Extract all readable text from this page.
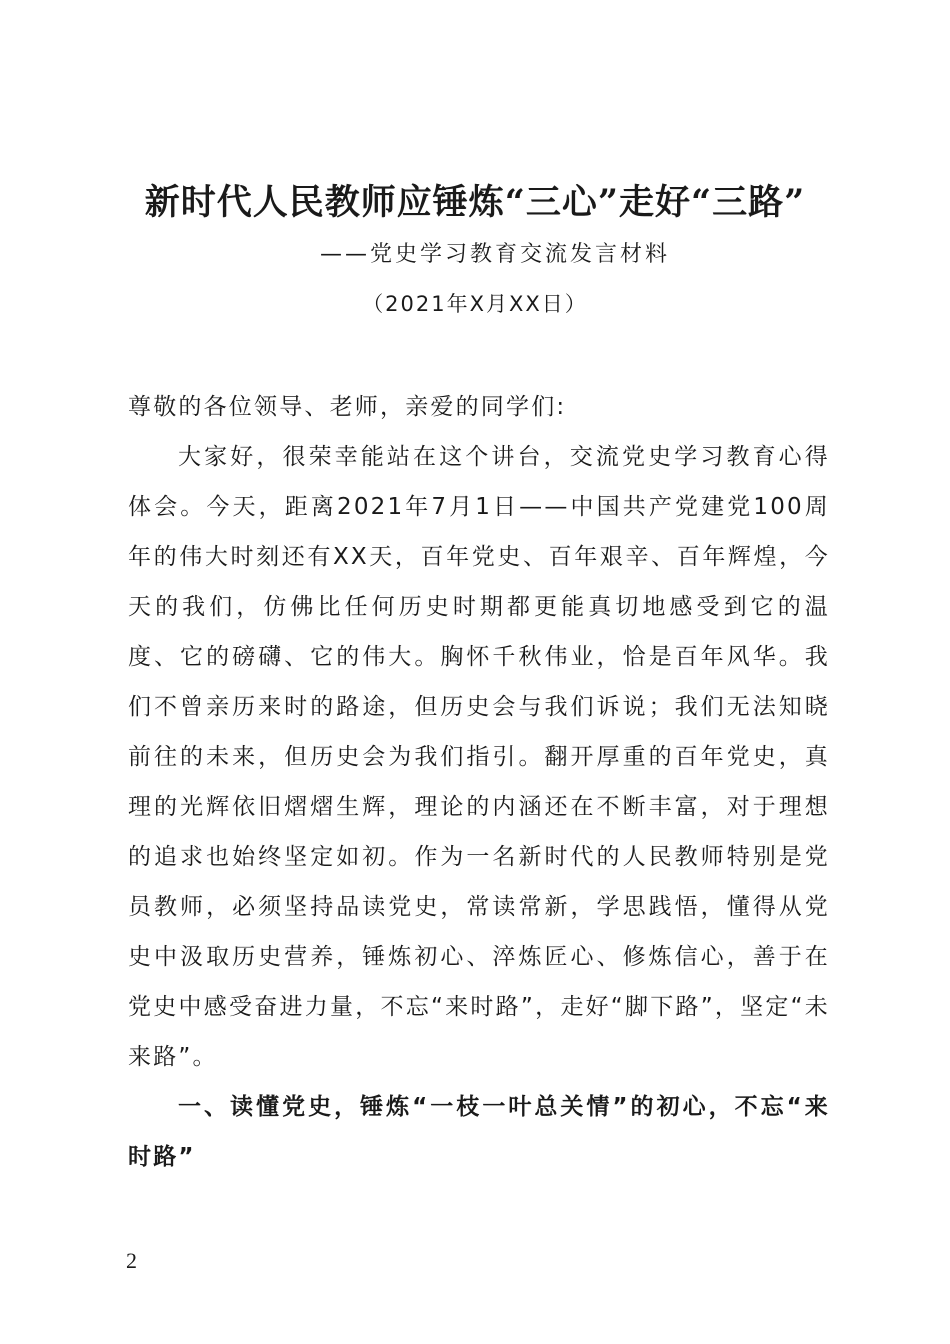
新时代人民教师应锤炼“三心”走好“三路”
——党史学习教育交流发言材料
（2021年X月XX日）

尊敬的各位领导、老师，亲爱的同学们:

大家好，很荣幸能站在这个讲台，交流党史学习教育心得体会。今天，距离2021年7月1日——中国共产党建党100周年的伟大时刻还有XX天，百年党史、百年艰辛、百年辉煌，今天的我们，仿佛比任何历史时期都更能真切地感受到它的温度、它的磅礴、它的伟大。胸怀千秋伟业，恰是百年风华。我们不曾亲历来时的路途，但历史会与我们诉说；我们无法知晓前往的未来，但历史会为我们指引。翻开厚重的百年党史，真理的光辉依旧熠熠生辉，理论的内涵还在不断丰富，对于理想的追求也始终坚定如初。作为一名新时代的人民教师特别是党员教师，必须坚持品读党史，常读常新，学思践悟，懂得从党史中汲取历史营养，锤炼初心、淬炼匠心、修炼信心，善于在党史中感受奋进力量，不忘“来时路”，走好“脚下路”，坚定“未来路”。

一、读懂党史，锤炼“一枝一叶总关情”的初心，不忘“来时路”

2
